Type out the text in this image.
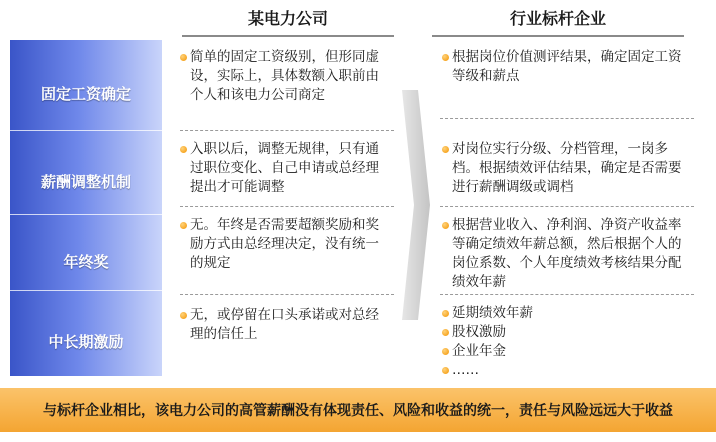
某电力公司	行业标杆企业
固定工资确定
薪酬调整机制
年终奖
中长期激励
简单的固定工资级别，但形同虚设，实际上，具体数额入职前由个人和该电力公司商定
入职以后，调整无规律，只有通过职位变化、自己申请或总经理提出才可能调整
无。年终是否需要超额奖励和奖励方式由总经理决定，没有统一的规定
无，或停留在口头承诺或对总经理的信任上
根据岗位价值测评结果，确定固定工资等级和薪点
对岗位实行分级、分档管理，一岗多档。根据绩效评估结果，确定是否需要进行薪酬调级或调档
根据营业收入、净利润、净资产收益率等确定绩效年薪总额，然后根据个人的岗位系数、个人年度绩效考核结果分配绩效年薪
延期绩效年薪
股权激励
企业年金
……
与标杆企业相比，该电力公司的高管薪酬没有体现责任、风险和收益的统一，责任与风险远远大于收益
